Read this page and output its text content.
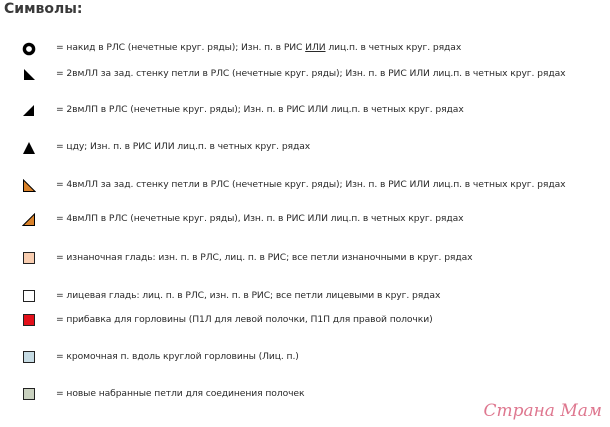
Символы:
= накид в РЛС (нечетные круг. ряды); Изн. п. в РИС ИЛИ лиц.п. в четных круг. рядах
= 2вмЛЛ за зад. стенку петли в РЛС (нечетные круг. ряды); Изн. п. в РИС ИЛИ лиц.п. в четных круг. рядах
= 2вмЛП в РЛС (нечетные круг. ряды); Изн. п. в РИС ИЛИ лиц.п. в четных круг. рядах
= цду; Изн. п. в РИС ИЛИ лиц.п. в четных круг. рядах
= 4вмЛЛ за зад. стенку петли в РЛС (нечетные круг. ряды); Изн. п. в РИС ИЛИ лиц.п. в четных круг. рядах
= 4вмЛП в РЛС (нечетные круг. ряды), Изн. п. в РИС ИЛИ лиц.п. в четных круг. рядах
= изнаночная гладь: изн. п. в РЛС, лиц. п. в РИС; все петли изнаночными в круг. рядах
= лицевая гладь: лиц. п. в РЛС, изн. п. в РИС; все петли лицевыми в круг. рядах
= прибавка для горловины (П1Л для левой полочки, П1П для правой полочки)
= кромочная п. вдоль круглой горловины (Лиц. п.)
= новые набранные петли для соединения полочек
Страна Мам
